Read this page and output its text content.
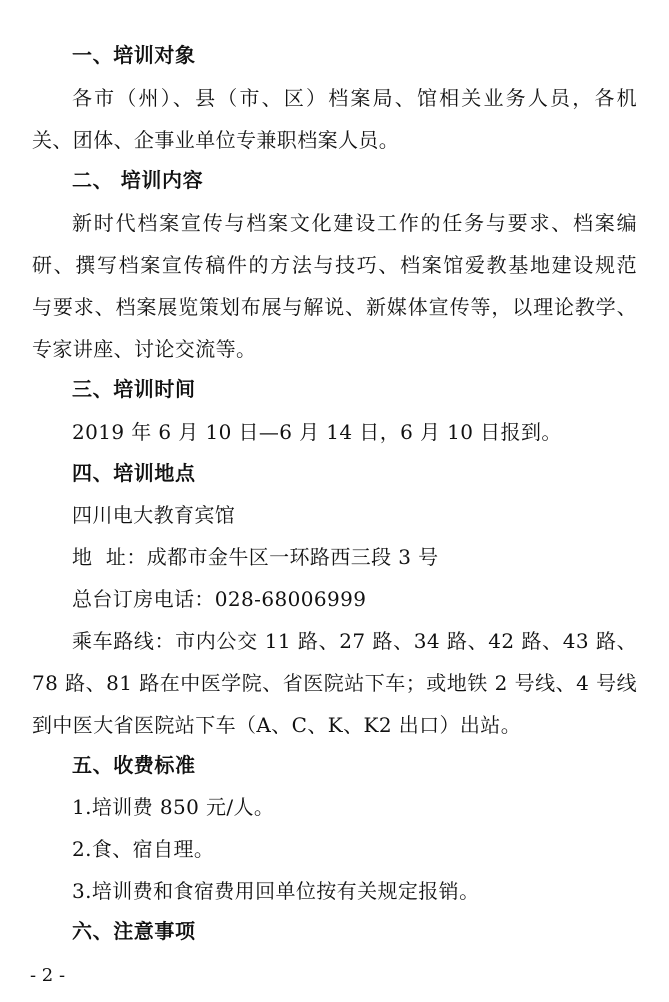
一、培训对象
各市（州）、县（市、区）档案局、馆相关业务人员，各机
关、团体、企事业单位专兼职档案人员。
二、 培训内容
新时代档案宣传与档案文化建设工作的任务与要求、档案编
研、撰写档案宣传稿件的方法与技巧、档案馆爱教基地建设规范
与要求、档案展览策划布展与解说、新媒体宣传等，以理论教学、
专家讲座、讨论交流等。
三、培训时间
2019 年 6 月 10 日—6 月 14 日，6 月 10 日报到。
四、培训地点
四川电大教育宾馆
地  址：成都市金牛区一环路西三段 3 号
总台订房电话：028-68006999
乘车路线：市内公交 11 路、27 路、34 路、42 路、43 路、
78 路、81 路在中医学院、省医院站下车；或地铁 2 号线、4 号线
到中医大省医院站下车（A、C、K、K2 出口）出站。
五、收费标准
1.培训费 850 元/人。
2.食、宿自理。
3.培训费和食宿费用回单位按有关规定报销。
六、注意事项
- 2 -
